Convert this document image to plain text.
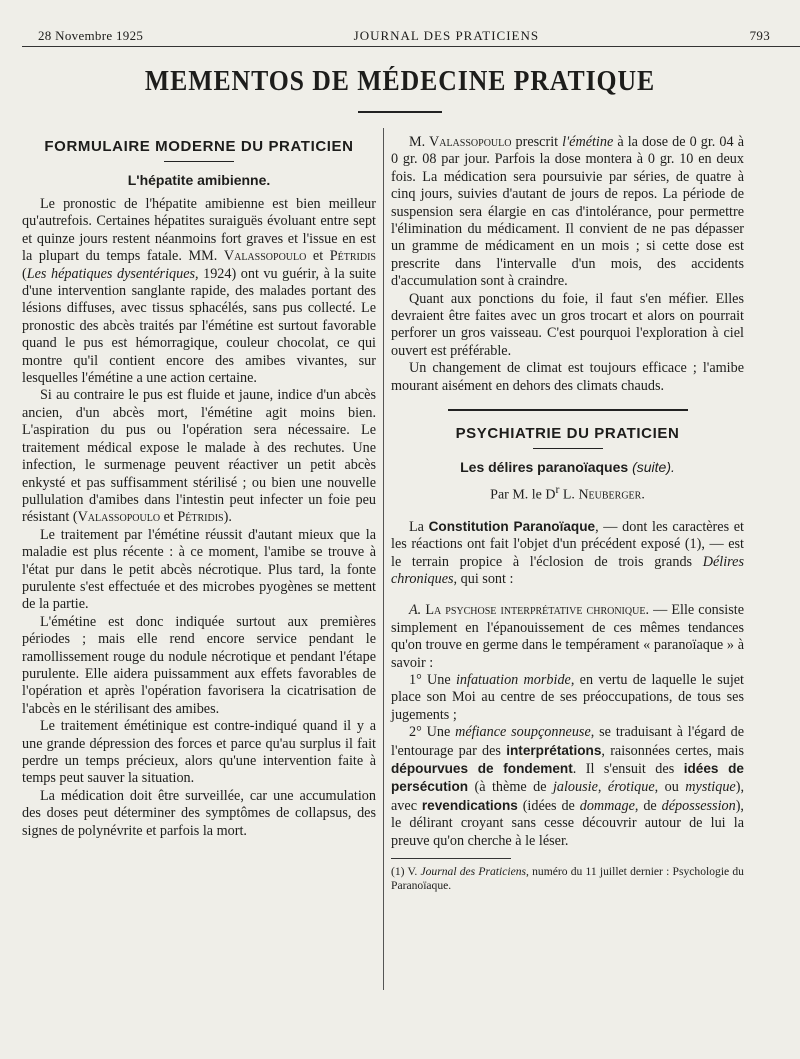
28 Novembre 1925	JOURNAL DES PRATICIENS	793
MEMENTOS DE MÉDECINE PRATIQUE
FORMULAIRE MODERNE DU PRATICIEN
L'hépatite amibienne.

Le pronostic de l'hépatite amibienne est bien meilleur qu'autrefois. Certaines hépatites suraiguës évoluant entre sept et quinze jours restent néanmoins fort graves et l'issue en est la plupart du temps fatale. MM. Valassopoulo et Pétridis (Les hépatiques dysentériques, 1924) ont vu guérir, à la suite d'une intervention sanglante rapide, des malades portant des lésions diffuses, avec tissus sphacélés, sans pus collecté. Le pronostic des abcès traités par l'émétine est surtout favorable quand le pus est hémorragique, couleur chocolat, ce qui montre qu'il contient encore des amibes vivantes, sur lesquelles l'émétine a une action certaine.

Si au contraire le pus est fluide et jaune, indice d'un abcès ancien, d'un abcès mort, l'émétine agit moins bien. L'aspiration du pus ou l'opération sera nécessaire. Le traitement médical expose le malade à des rechutes. Une infection, le surmenage peuvent réactiver un petit abcès enkysté et pas suffisamment stérilisé ; ou bien une nouvelle pullulation d'amibes dans l'intestin peut infecter un foie peu résistant (Valassopoulo et Pétridis).

Le traitement par l'émétine réussit d'autant mieux que la maladie est plus récente : à ce moment, l'amibe se trouve à l'état pur dans le petit abcès nécrotique. Plus tard, la fonte purulente s'est effectuée et des microbes pyogènes se mettent de la partie.

L'émétine est donc indiquée surtout aux premières périodes ; mais elle rend encore service pendant le ramollissement rouge du nodule nécrotique et pendant l'étape purulente. Elle aidera puissamment aux effets favorables de l'opération et après l'opération favorisera la cicatrisation de l'abcès en le stérilisant des amibes.

Le traitement émétinique est contre-indiqué quand il y a une grande dépression des forces et parce qu'au surplus il fait perdre un temps précieux, alors qu'une intervention faite à temps peut sauver la situation.

La médication doit être surveillée, car une accumulation des doses peut déterminer des symptômes de collapsus, des signes de polynévrite et parfois la mort.

M. Valassopoulo prescrit l'émétine à la dose de 0 gr. 04 à 0 gr. 08 par jour. Parfois la dose montera à 0 gr. 10 en deux fois. La médication sera poursuivie par séries, de quatre à cinq jours, suivies d'autant de jours de repos. La période de suspension sera élargie en cas d'intolérance, pour permettre l'élimination du médicament. Il convient de ne pas dépasser un gramme de médicament en un mois ; si cette dose est prescrite dans l'intervalle d'un mois, des accidents d'accumulation sont à craindre.

Quant aux ponctions du foie, il faut s'en méfier. Elles devraient être faites avec un gros trocart et alors on pourrait perforer un gros vaisseau. C'est pourquoi l'exploration à ciel ouvert est préférable.

Un changement de climat est toujours efficace ; l'amibe mourant aisément en dehors des climats chauds.

PSYCHIATRIE DU PRATICIEN
Les délires paranoïaques (suite).
Par M. le $D^r$ L. Neuberger.

La Constitution Paranoïaque, — dont les caractères et les réactions ont fait l'objet d'un précédent exposé (1), — est le terrain propice à l'éclosion de trois grands Délires chroniques, qui sont :

A. La psychose interprétative chronique. — Elle consiste simplement en l'épanouissement de ces mêmes tendances qu'on trouve en germe dans le tempérament « paranoïaque » à savoir :

1° Une infatuation morbide, en vertu de laquelle le sujet place son Moi au centre de ses préoccupations, de tous ses jugements ;

2° Une méfiance soupçonneuse, se traduisant à l'égard de l'entourage par des interprétations, raisonnées certes, mais dépourvues de fondement. Il s'ensuit des idées de persécution (à thème de jalousie, érotique, ou mystique), avec revendications (idées de dommage, de dépossession), le délirant croyant sans cesse découvrir autour de lui la preuve qu'on cherche à le léser.

(1) V. Journal des Praticiens, numéro du 11 juillet dernier : Psychologie du Paranoïaque.
